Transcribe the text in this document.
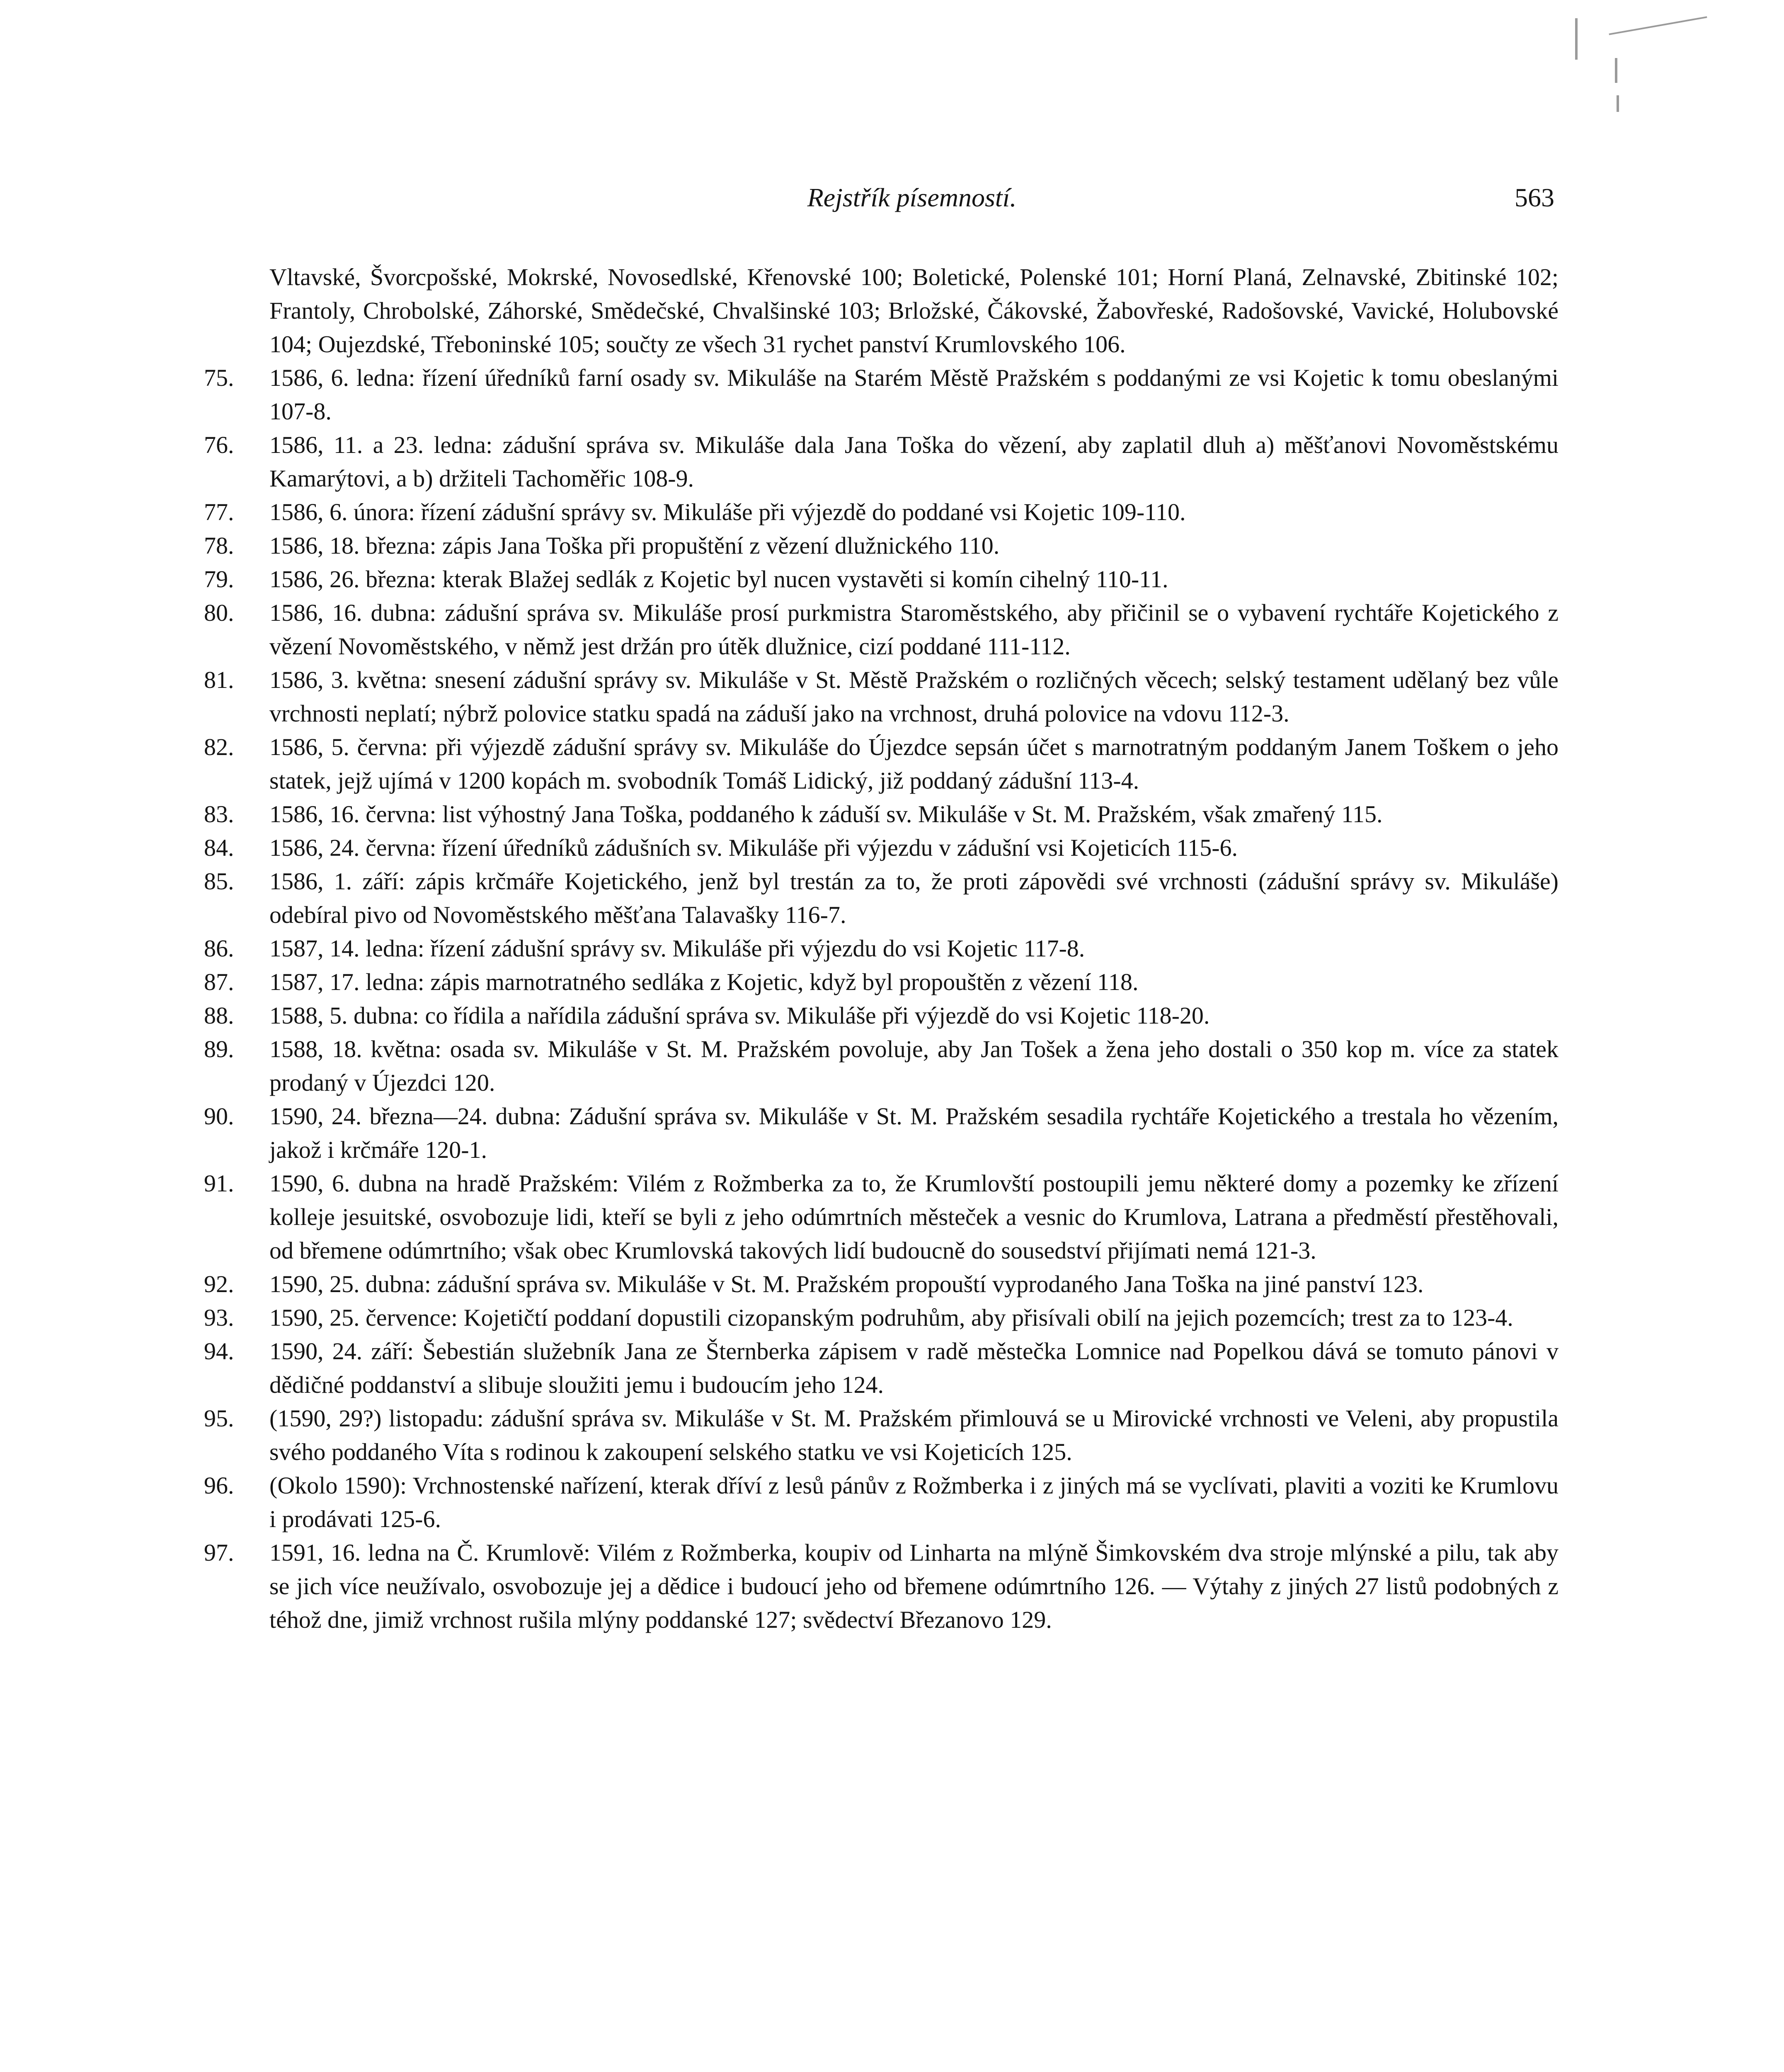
Rejstřík písemností.	563
Vltavské, Švorcpošské, Mokrské, Novosedlské, Křenovské 100; Boletické, Polenské 101; Horní Planá, Zelnavské, Zbitinské 102; Frantoly, Chrobolské, Záhorské, Smědečské, Chvalšinské 103; Brložské, Čákovské, Žabovřeské, Radošovské, Vavické, Holubovské 104; Oujezdské, Třeboninské 105; součty ze všech 31 rychet panství Krumlovského 106.
75.	1586, 6. ledna: řízení úředníků farní osady sv. Mikuláše na Starém Městě Pražském s poddanými ze vsi Kojetic k tomu obeslanými 107-8.
76.	1586, 11. a 23. ledna: zádušní správa sv. Mikuláše dala Jana Toška do vězení, aby zaplatil dluh a) měšťanovi Novoměstskému Kamarýtovi, a b) držiteli Tachoměřic 108-9.
77.	1586, 6. února: řízení zádušní správy sv. Mikuláše při výjezdě do poddané vsi Kojetic 109-110.
78.	1586, 18. března: zápis Jana Toška při propuštění z vězení dlužnického 110.
79.	1586, 26. března: kterak Blažej sedlák z Kojetic byl nucen vystavěti si komín cihelný 110-11.
80.	1586, 16. dubna: zádušní správa sv. Mikuláše prosí purkmistra Staroměstského, aby přičinil se o vybavení rychtáře Kojetického z vězení Novoměstského, v němž jest držán pro útěk dlužnice, cizí poddané 111-112.
81.	1586, 3. května: snesení zádušní správy sv. Mikuláše v St. Městě Pražském o rozličných věcech; selský testament udělaný bez vůle vrchnosti neplatí; nýbrž polovice statku spadá na záduší jako na vrchnost, druhá polovice na vdovu 112-3.
82.	1586, 5. června: při výjezdě zádušní správy sv. Mikuláše do Újezdce sepsán účet s marnotratným poddaným Janem Toškem o jeho statek, jejž ujímá v 1200 kopách m. svobodník Tomáš Lidický, již poddaný zádušní 113-4.
83.	1586, 16. června: list výhostný Jana Toška, poddaného k záduší sv. Mikuláše v St. M. Pražském, však zmařený 115.
84.	1586, 24. června: řízení úředníků zádušních sv. Mikuláše při výjezdu v zádušní vsi Kojeticích 115-6.
85.	1586, 1. září: zápis krčmáře Kojetického, jenž byl trestán za to, že proti zápovědi své vrchnosti (zádušní správy sv. Mikuláše) odebíral pivo od Novoměstského měšťana Talavašky 116-7.
86.	1587, 14. ledna: řízení zádušní správy sv. Mikuláše při výjezdu do vsi Kojetic 117-8.
87.	1587, 17. ledna: zápis marnotratného sedláka z Kojetic, když byl propouštěn z vězení 118.
88.	1588, 5. dubna: co řídila a nařídila zádušní správa sv. Mikuláše při výjezdě do vsi Kojetic 118-20.
89.	1588, 18. května: osada sv. Mikuláše v St. M. Pražském povoluje, aby Jan Tošek a žena jeho dostali o 350 kop m. více za statek prodaný v Újezdci 120.
90.	1590, 24. března—24. dubna: Zádušní správa sv. Mikuláše v St. M. Pražském sesadila rychtáře Kojetického a trestala ho vězením, jakož i krčmáře 120-1.
91.	1590, 6. dubna na hradě Pražském: Vilém z Rožmberka za to, že Krumlovští postoupili jemu některé domy a pozemky ke zřízení kolleje jesuitské, osvobozuje lidi, kteří se byli z jeho odúmrtních městeček a vesnic do Krumlova, Latrana a předměstí přestěhovali, od břemene odúmrtního; však obec Krumlovská takových lidí budoucně do sousedství přijímati nemá 121-3.
92.	1590, 25. dubna: zádušní správa sv. Mikuláše v St. M. Pražském propouští vyprodaného Jana Toška na jiné panství 123.
93.	1590, 25. července: Kojetičtí poddaní dopustili cizopanským podruhům, aby přisívali obilí na jejich pozemcích; trest za to 123-4.
94.	1590, 24. září: Šebestián služebník Jana ze Šternberka zápisem v radě městečka Lomnice nad Popelkou dává se tomuto pánovi v dědičné poddanství a slibuje sloužiti jemu i budoucím jeho 124.
95.	(1590, 29?) listopadu: zádušní správa sv. Mikuláše v St. M. Pražském přimlouvá se u Mirovické vrchnosti ve Veleni, aby propustila svého poddaného Víta s rodinou k zakoupení selského statku ve vsi Kojeticích 125.
96.	(Okolo 1590): Vrchnostenské nařízení, kterak dříví z lesů pánův z Rožmberka i z jiných má se vyclívati, plaviti a voziti ke Krumlovu i prodávati 125-6.
97.	1591, 16. ledna na Č. Krumlově: Vilém z Rožmberka, koupiv od Linharta na mlýně Šimkovském dva stroje mlýnské a pilu, tak aby se jich více neužívalo, osvobozuje jej a dědice i budoucí jeho od břemene odúmrtního 126. — Výtahy z jiných 27 listů podobných z téhož dne, jimiž vrchnost rušila mlýny poddanské 127; svědectví Březanovo 129.
